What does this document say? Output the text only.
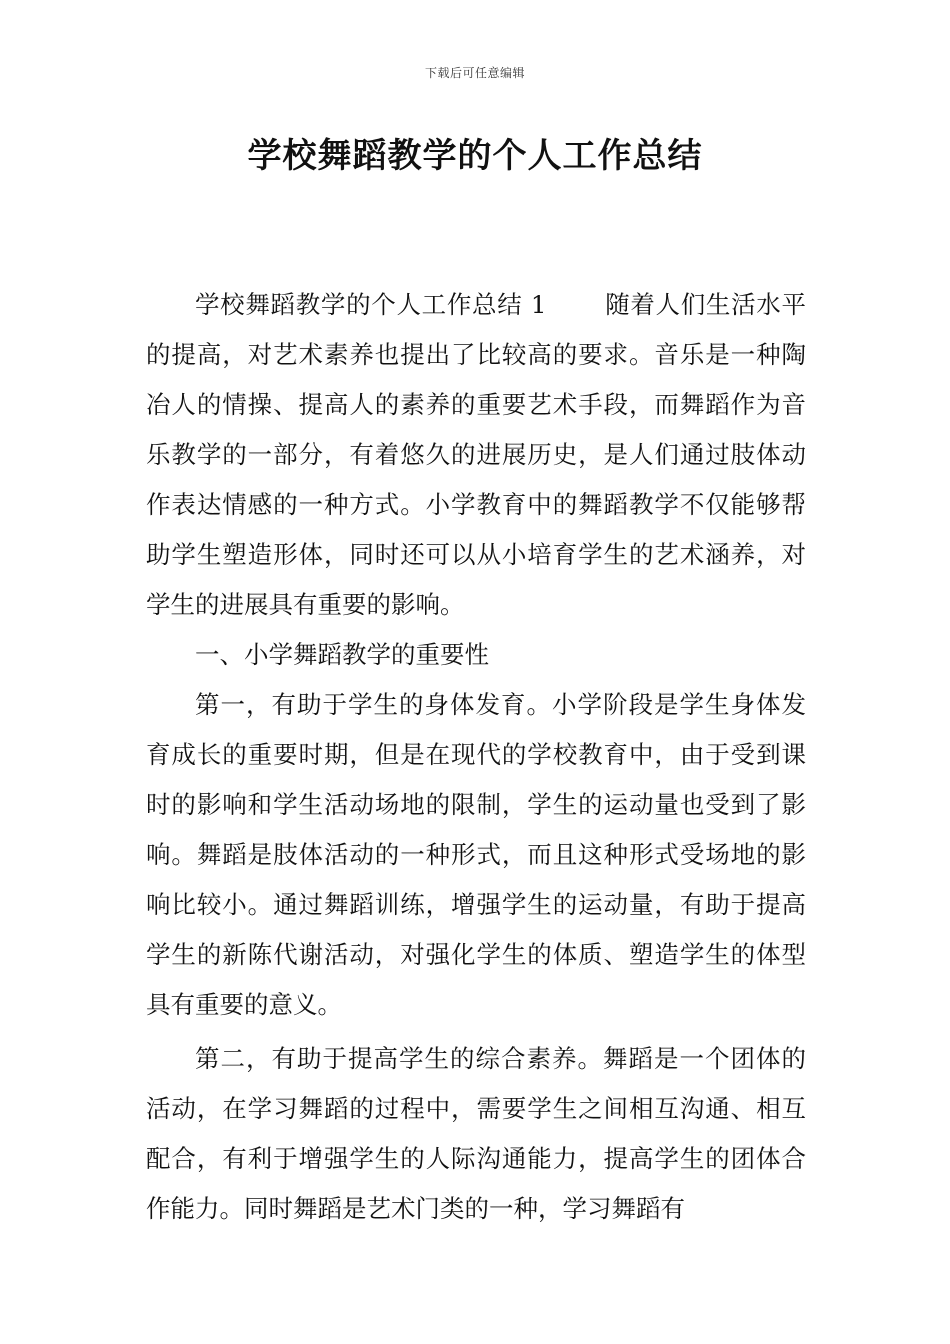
下载后可任意编辑
学校舞蹈教学的个人工作总结

学校舞蹈教学的个人工作总结 1 随着人们生活水平的提高，对艺术素养也提出了比较高的要求。音乐是一种陶冶人的情操、提高人的素养的重要艺术手段，而舞蹈作为音乐教学的一部分，有着悠久的进展历史，是人们通过肢体动作表达情感的一种方式。小学教育中的舞蹈教学不仅能够帮助学生塑造形体，同时还可以从小培育学生的艺术涵养，对学生的进展具有重要的影响。

一、小学舞蹈教学的重要性

第一，有助于学生的身体发育。小学阶段是学生身体发育成长的重要时期，但是在现代的学校教育中，由于受到课时的影响和学生活动场地的限制，学生的运动量也受到了影响。舞蹈是肢体活动的一种形式，而且这种形式受场地的影响比较小。通过舞蹈训练，增强学生的运动量，有助于提高学生的新陈代谢活动，对强化学生的体质、塑造学生的体型具有重要的意义。

第二，有助于提高学生的综合素养。舞蹈是一个团体的活动，在学习舞蹈的过程中，需要学生之间相互沟通、相互配合，有利于增强学生的人际沟通能力，提高学生的团体合作能力。同时舞蹈是艺术门类的一种，学习舞蹈有
